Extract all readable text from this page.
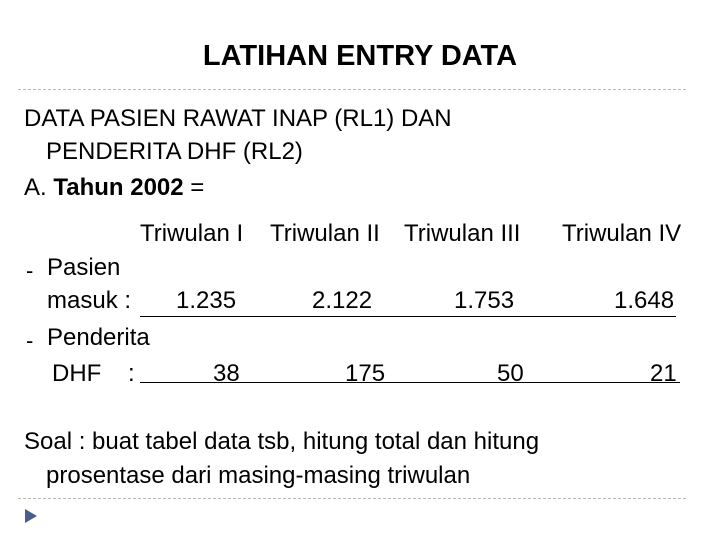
LATIHAN ENTRY DATA
DATA PASIEN RAWAT INAP (RL1) DAN
PENDERITA DHF (RL2)
A. Tahun 2002 =
Triwulan I Triwulan II Triwulan III Triwulan IV
- Pasien
masuk : 1.235	2.122	1.753	1.648
- Penderita
DHF    :	38	175	50	21
Soal : buat tabel data tsb, hitung total dan hitung
prosentase dari masing-masing triwulan
